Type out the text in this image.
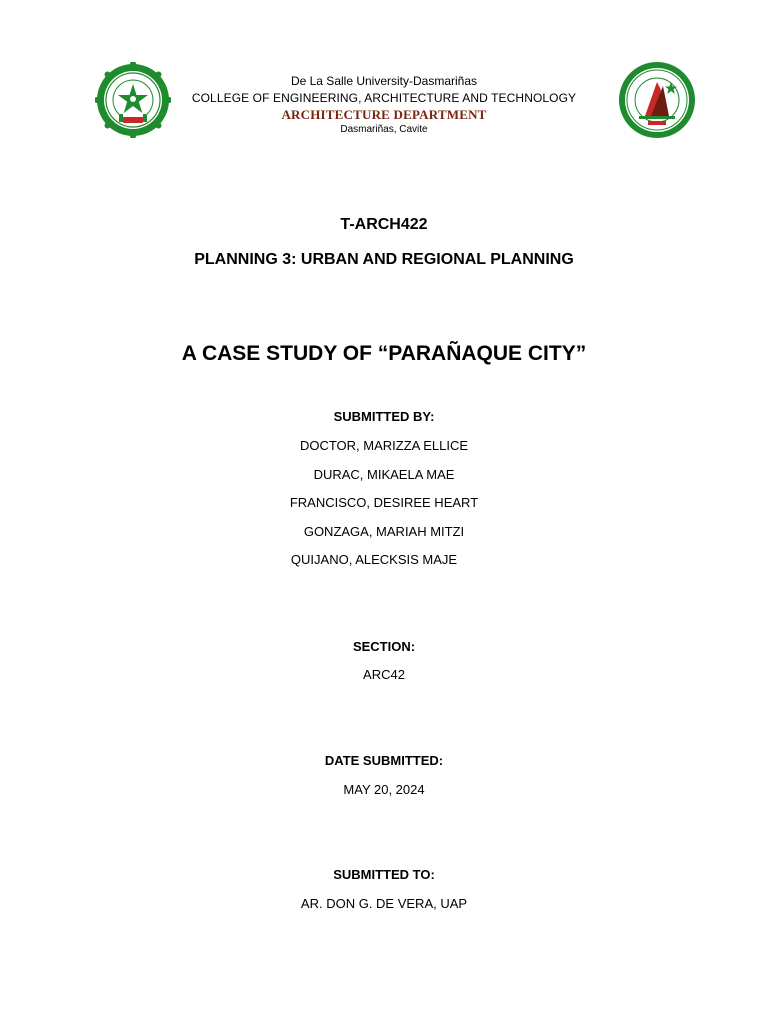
De La Salle University-Dasmariñas
COLLEGE OF ENGINEERING, ARCHITECTURE AND TECHNOLOGY
ARCHITECTURE DEPARTMENT
Dasmariñas, Cavite
T-ARCH422
PLANNING 3: URBAN AND REGIONAL PLANNING
A CASE STUDY OF “PARAÑAQUE CITY”
SUBMITTED BY:
DOCTOR, MARIZZA ELLICE
DURAC, MIKAELA MAE
FRANCISCO, DESIREE HEART
GONZAGA, MARIAH MITZI
QUIJANO, ALECKSIS MAJE
SECTION:
ARC42
DATE SUBMITTED:
MAY 20, 2024
SUBMITTED TO:
AR. DON G. DE VERA, UAP
